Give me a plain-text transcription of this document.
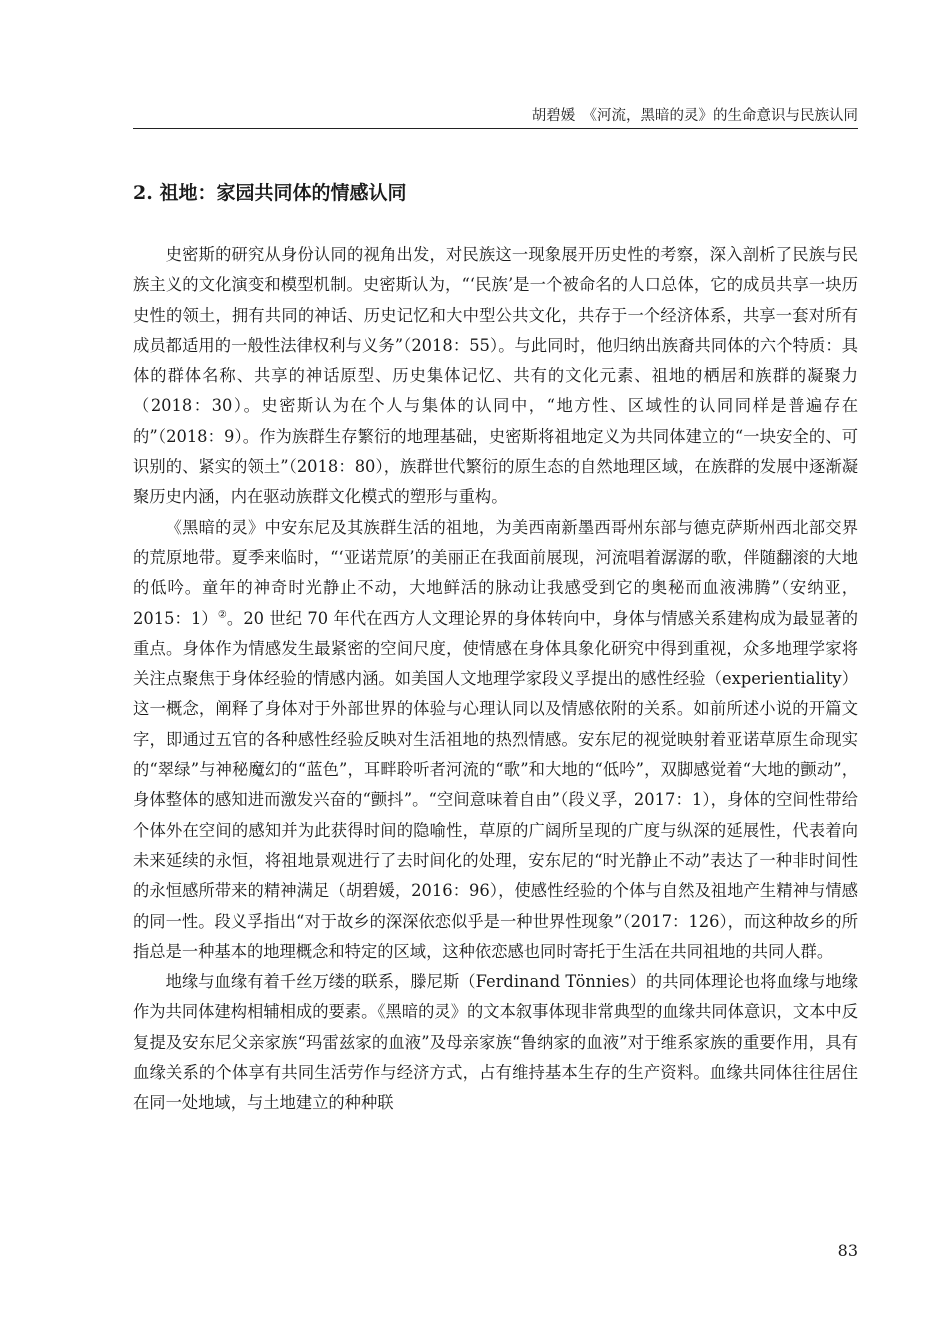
胡碧媛　《河流，黑暗的灵》的生命意识与民族认同
2. 祖地：家园共同体的情感认同

史密斯的研究从身份认同的视角出发，对民族这一现象展开历史性的考察，深入剖析了民族与民族主义的文化演变和模型机制。史密斯认为，“‘民族’是一个被命名的人口总体，它的成员共享一块历史性的领土，拥有共同的神话、历史记忆和大中型公共文化，共存于一个经济体系，共享一套对所有成员都适用的一般性法律权利与义务”（2018：55）。与此同时，他归纳出族裔共同体的六个特质：具体的群体名称、共享的神话原型、历史集体记忆、共有的文化元素、祖地的栖居和族群的凝聚力（2018：30）。史密斯认为在个人与集体的认同中，“地方性、区域性的认同同样是普遍存在的”（2018：9）。作为族群生存繁衍的地理基础，史密斯将祖地定义为共同体建立的“一块安全的、可识别的、紧实的领土”（2018：80），族群世代繁衍的原生态的自然地理区域，在族群的发展中逐渐凝聚历史内涵，内在驱动族群文化模式的塑形与重构。

《黑暗的灵》中安东尼及其族群生活的祖地，为美西南新墨西哥州东部与德克萨斯州西北部交界的荒原地带。夏季来临时，“‘亚诺荒原’的美丽正在我面前展现，河流唱着潺潺的歌，伴随翻滚的大地的低吟。童年的神奇时光静止不动，大地鲜活的脉动让我感受到它的奥秘而血液沸腾”（安纳亚，2015：1）②。20 世纪 70 年代在西方人文理论界的身体转向中，身体与情感关系建构成为最显著的重点。身体作为情感发生最紧密的空间尺度，使情感在身体具象化研究中得到重视，众多地理学家将关注点聚焦于身体经验的情感内涵。如美国人文地理学家段义孚提出的感性经验（experientiality）这一概念，阐释了身体对于外部世界的体验与心理认同以及情感依附的关系。如前所述小说的开篇文字，即通过五官的各种感性经验反映对生活祖地的热烈情感。安东尼的视觉映射着亚诺草原生命现实的“翠绿”与神秘魔幻的“蓝色”，耳畔聆听者河流的“歌”和大地的“低吟”，双脚感觉着“大地的颤动”，身体整体的感知进而激发兴奋的“颤抖”。“空间意味着自由”（段义孚，2017：1），身体的空间性带给个体外在空间的感知并为此获得时间的隐喻性，草原的广阔所呈现的广度与纵深的延展性，代表着向未来延续的永恒，将祖地景观进行了去时间化的处理，安东尼的“时光静止不动”表达了一种非时间性的永恒感所带来的精神满足（胡碧媛，2016：96），使感性经验的个体与自然及祖地产生精神与情感的同一性。段义孚指出“对于故乡的深深依恋似乎是一种世界性现象”（2017：126），而这种故乡的所指总是一种基本的地理概念和特定的区域，这种依恋感也同时寄托于生活在共同祖地的共同人群。

地缘与血缘有着千丝万缕的联系，滕尼斯（Ferdinand Tönnies）的共同体理论也将血缘与地缘作为共同体建构相辅相成的要素。《黑暗的灵》的文本叙事体现非常典型的血缘共同体意识，文本中反复提及安东尼父亲家族“玛雷兹家的血液”及母亲家族“鲁纳家的血液”对于维系家族的重要作用，具有血缘关系的个体享有共同生活劳作与经济方式，占有维持基本生存的生产资料。血缘共同体往往居住在同一处地域，与土地建立的种种联

83
